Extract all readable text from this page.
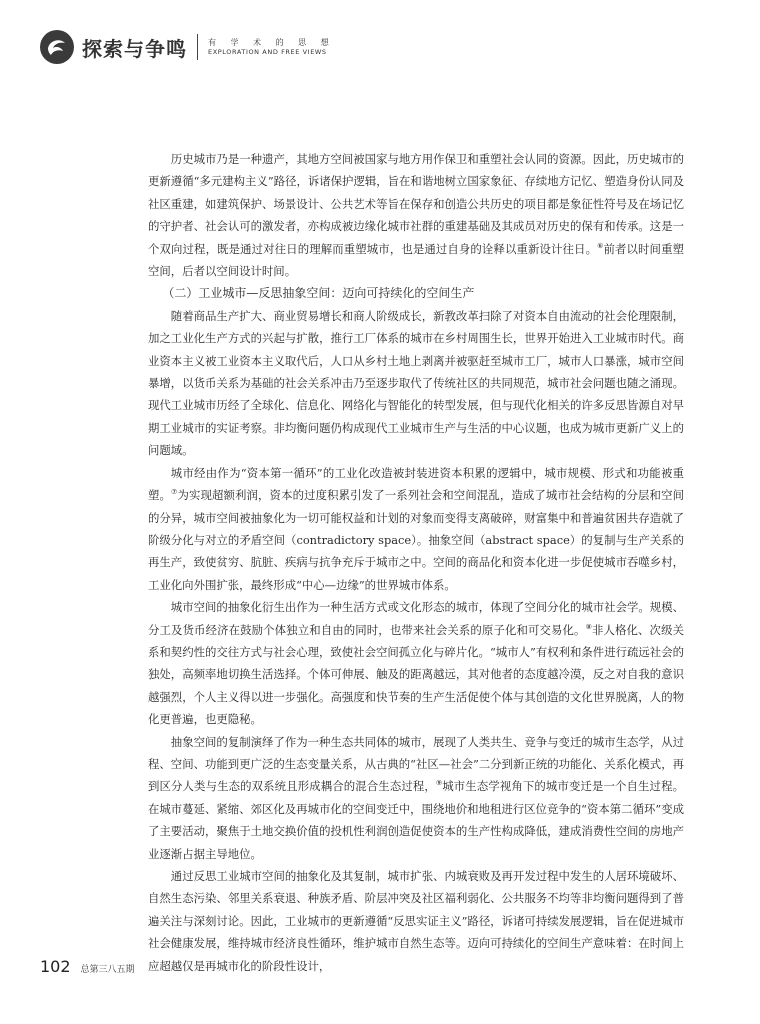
探索与争鸣	有 学 术 的 思 想
EXPLORATION AND FREE VIEWS

历史城市乃是一种遗产，其地方空间被国家与地方用作保卫和重塑社会认同的资源。因此，历史城市的更新遵循“多元建构主义”路径，诉诸保护逻辑，旨在和谐地树立国家象征、存续地方记忆、塑造身份认同及社区重建，如建筑保护、场景设计、公共艺术等旨在保存和创造公共历史的项目都是象征性符号及在场记忆的守护者、社会认可的激发者，亦构成被边缘化城市社群的重建基础及其成员对历史的保有和传承。这是一个双向过程，既是通过对往日的理解而重塑城市，也是通过自身的诠释以重新设计往日。⑥前者以时间重塑空间，后者以空间设计时间。

（二）工业城市—反思抽象空间：迈向可持续化的空间生产

随着商品生产扩大、商业贸易增长和商人阶级成长，新教改革扫除了对资本自由流动的社会伦理限制，加之工业化生产方式的兴起与扩散，推行工厂体系的城市在乡村周围生长，世界开始进入工业城市时代。商业资本主义被工业资本主义取代后，人口从乡村土地上剥离并被驱赶至城市工厂，城市人口暴涨，城市空间暴增，以货币关系为基础的社会关系冲击乃至逐步取代了传统社区的共同规范，城市社会问题也随之涌现。现代工业城市历经了全球化、信息化、网络化与智能化的转型发展，但与现代化相关的许多反思皆源自对早期工业城市的实证考察。非均衡问题仍构成现代工业城市生产与生活的中心议题，也成为城市更新广义上的问题域。

城市经由作为“资本第一循环”的工业化改造被封装进资本积累的逻辑中，城市规模、形式和功能被重塑。⑦为实现超额利润，资本的过度积累引发了一系列社会和空间混乱，造成了城市社会结构的分层和空间的分异，城市空间被抽象化为一切可能权益和计划的对象而变得支离破碎，财富集中和普遍贫困共存造就了阶级分化与对立的矛盾空间（contradictory space）。抽象空间（abstract space）的复制与生产关系的再生产，致使贫穷、肮脏、疾病与抗争充斥于城市之中。空间的商品化和资本化进一步促使城市吞噬乡村，工业化向外围扩张，最终形成“中心—边缘”的世界城市体系。

城市空间的抽象化衍生出作为一种生活方式或文化形态的城市，体现了空间分化的城市社会学。规模、分工及货币经济在鼓励个体独立和自由的同时，也带来社会关系的原子化和可交易化。⑧非人格化、次级关系和契约性的交往方式与社会心理，致使社会空间孤立化与碎片化。“城市人”有权利和条件进行疏远社会的独处，高频率地切换生活选择。个体可伸展、触及的距离越远，其对他者的态度越冷漠，反之对自我的意识越强烈，个人主义得以进一步强化。高强度和快节奏的生产生活促使个体与其创造的文化世界脱离，人的物化更普遍，也更隐秘。

抽象空间的复制演绎了作为一种生态共同体的城市，展现了人类共生、竞争与变迁的城市生态学，从过程、空间、功能到更广泛的生态变量关系，从古典的“社区—社会”二分到新正统的功能化、关系化模式，再到区分人类与生态的双系统且形成耦合的混合生态过程，⑨城市生态学视角下的城市变迁是一个自生过程。在城市蔓延、紧缩、郊区化及再城市化的空间变迁中，围绕地价和地租进行区位竞争的“资本第二循环”变成了主要活动，聚焦于土地交换价值的投机性利润创造促使资本的生产性构成降低，建成消费性空间的房地产业逐渐占据主导地位。

通过反思工业城市空间的抽象化及其复制，城市扩张、内城衰败及再开发过程中发生的人居环境破坏、自然生态污染、邻里关系衰退、种族矛盾、阶层冲突及社区福利弱化、公共服务不均等非均衡问题得到了普遍关注与深刻讨论。因此，工业城市的更新遵循“反思实证主义”路径，诉诸可持续发展逻辑，旨在促进城市社会健康发展，维持城市经济良性循环，维护城市自然生态等。迈向可持续化的空间生产意味着：在时间上应超越仅是再城市化的阶段性设计，

102 总第三八五期
